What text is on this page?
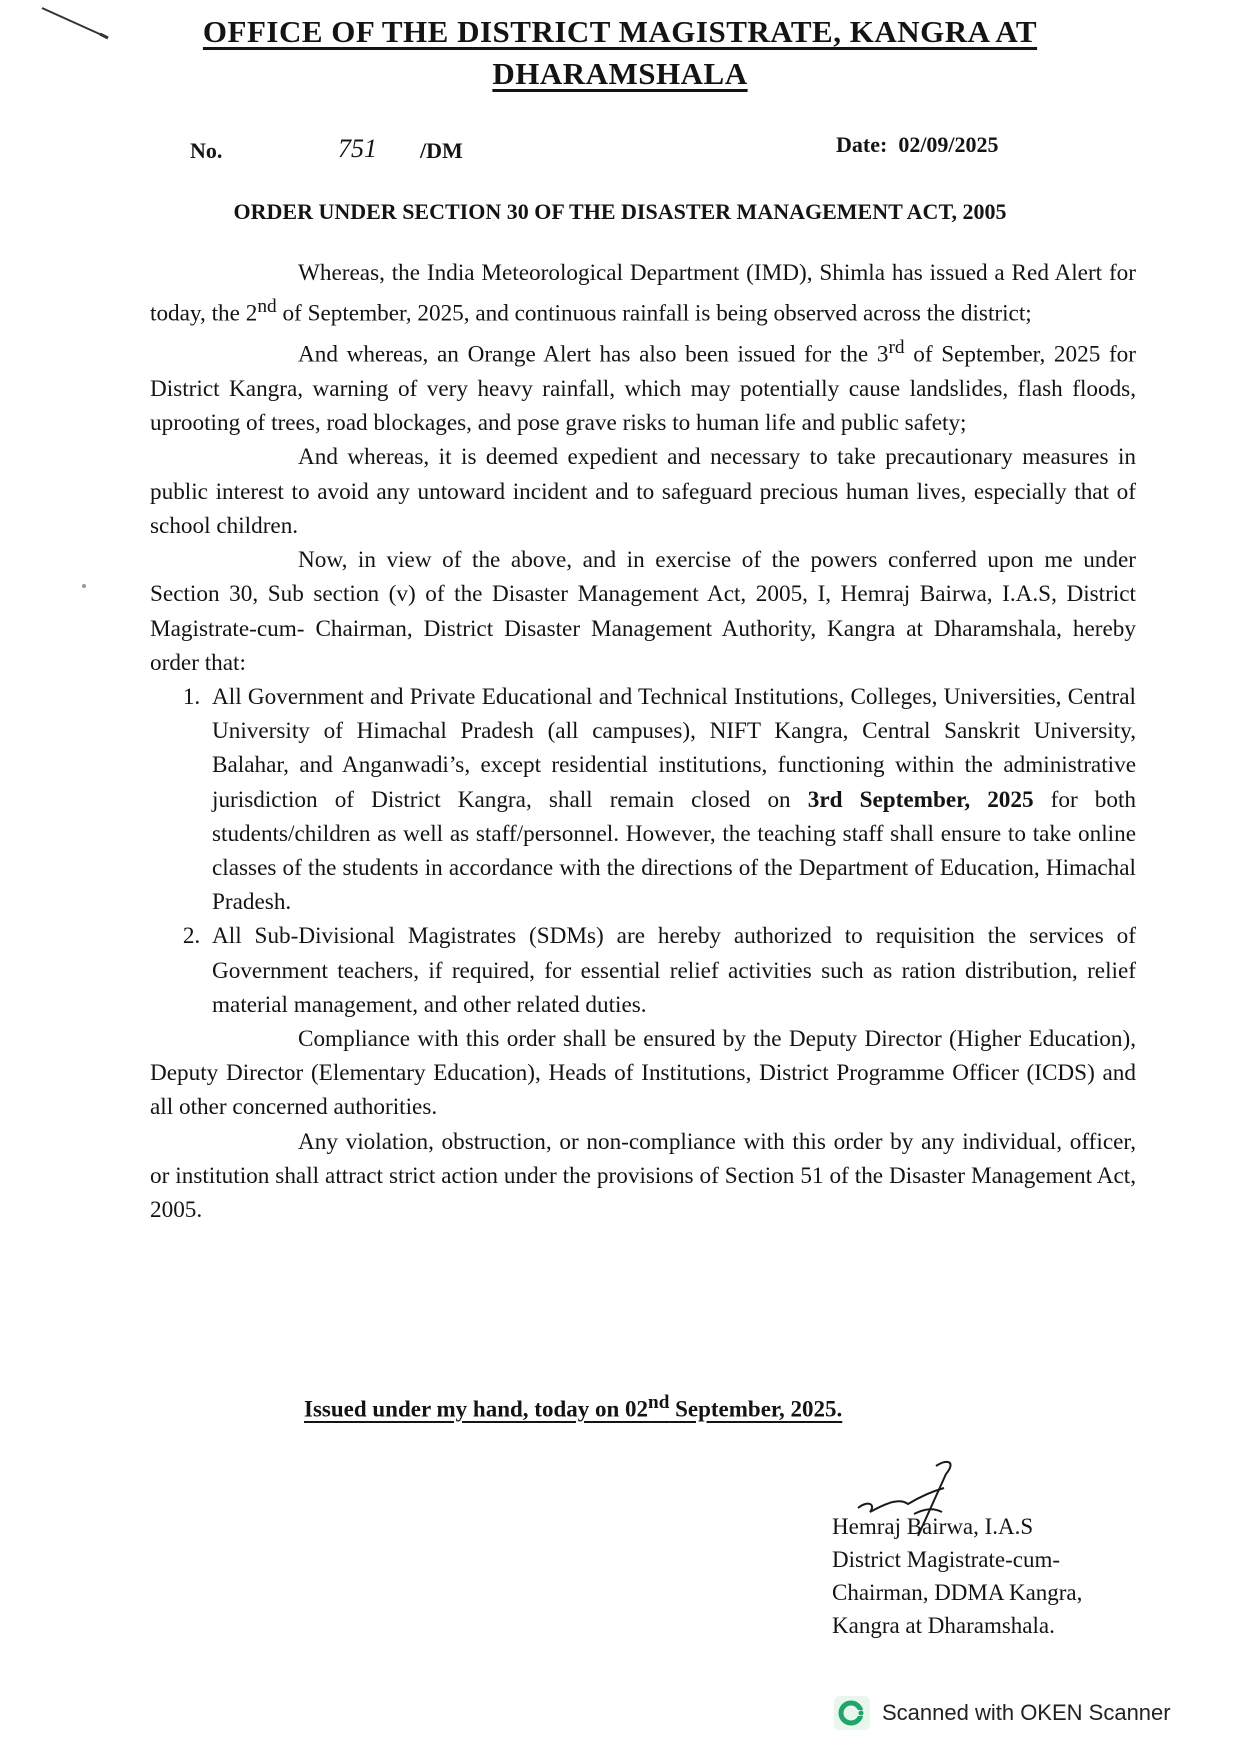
OFFICE OF THE DISTRICT MAGISTRATE, KANGRA AT
DHARAMSHALA
No.	751 /DM	Date: 02/09/2025
ORDER UNDER SECTION 30 OF THE DISASTER MANAGEMENT ACT, 2005

Whereas, the India Meteorological Department (IMD), Shimla has issued a Red Alert for today, the 2nd of September, 2025, and continuous rainfall is being observed across the district;

And whereas, an Orange Alert has also been issued for the 3rd of September, 2025 for District Kangra, warning of very heavy rainfall, which may potentially cause landslides, flash floods, uprooting of trees, road blockages, and pose grave risks to human life and public safety;

And whereas, it is deemed expedient and necessary to take precautionary measures in public interest to avoid any untoward incident and to safeguard precious human lives, especially that of school children.

Now, in view of the above, and in exercise of the powers conferred upon me under Section 30, Sub section (v) of the Disaster Management Act, 2005, I, Hemraj Bairwa, I.A.S, District Magistrate-cum- Chairman, District Disaster Management Authority, Kangra at Dharamshala, hereby order that:

1. All Government and Private Educational and Technical Institutions, Colleges, Universities, Central University of Himachal Pradesh (all campuses), NIFT Kangra, Central Sanskrit University, Balahar, and Anganwadi’s, except residential institutions, functioning within the administrative jurisdiction of District Kangra, shall remain closed on 3rd September, 2025 for both students/children as well as staff/personnel. However, the teaching staff shall ensure to take online classes of the students in accordance with the directions of the Department of Education, Himachal Pradesh.
2. All Sub-Divisional Magistrates (SDMs) are hereby authorized to requisition the services of Government teachers, if required, for essential relief activities such as ration distribution, relief material management, and other related duties.

Compliance with this order shall be ensured by the Deputy Director (Higher Education), Deputy Director (Elementary Education), Heads of Institutions, District Programme Officer (ICDS) and all other concerned authorities.

Any violation, obstruction, or non-compliance with this order by any individual, officer, or institution shall attract strict action under the provisions of Section 51 of the Disaster Management Act, 2005.

Issued under my hand, today on 02nd September, 2025.
Hemraj Bairwa, I.A.S
District Magistrate-cum-
Chairman, DDMA Kangra,
Kangra at Dharamshala.
Scanned with OKEN Scanner
